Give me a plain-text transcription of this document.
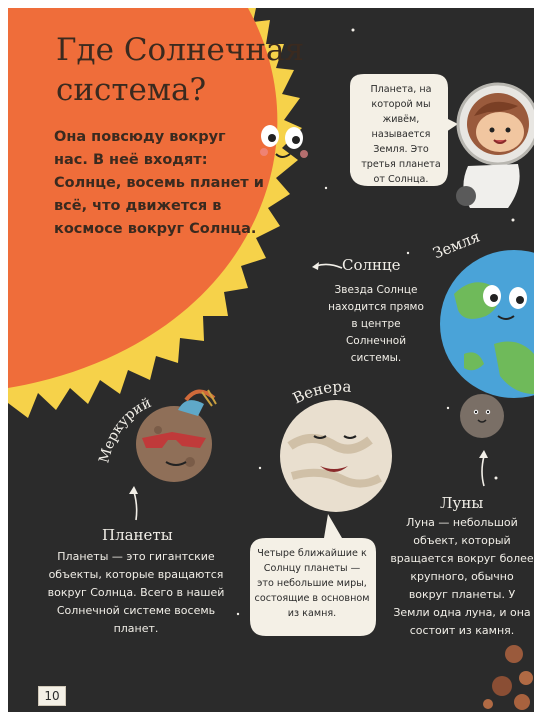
Где Солнечная система?
Она повсюду вокруг нас. В неё входят: Солнце, восемь планет и всё, что движется в космосе вокруг Солнца.
Планета, на которой мы живём, называется Земля. Это третья планета от Солнца.
Земля
Солнце
Звезда Солнце находится прямо в центре Солнечной системы.
Меркурий	Венера
Планеты
Планеты — это гигантские объекты, которые вращаются вокруг Солнца. Всего в нашей Солнечной системе восемь планет.
Четыре ближайшие к Солнцу планеты — это небольшие миры, состоящие в основном из камня.
Луны
Луна — небольшой объект, который вращается вокруг более крупного, обычно вокруг планеты. У Земли одна луна, и она состоит из камня.
10
